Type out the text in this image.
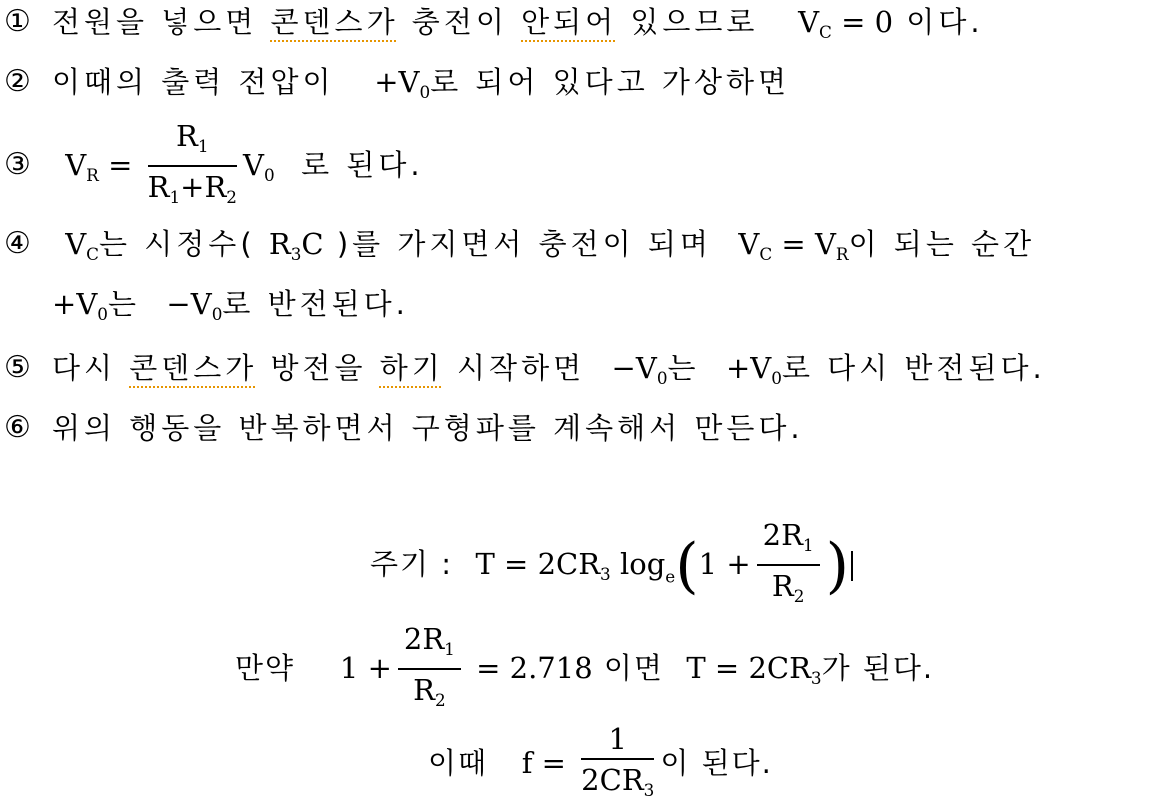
① 전원을 넣으면 콘덴스가 충전이 안되어 있으므로   $V_C = 0$ 이다.
② 이때의 출력 전압이   $+V_0$로 되어 있다고 가상하면
③	$V_R = \frac{R_1}{R_1+R_2} V_0$ 로 된다.
④	$V_C$는 시정수( $R_3C$ )를 가지면서 충전이 되며  $V_C = V_R$이 되는 순간
$+V_0$는  $-V_0$로 반전된다.
⑤ 다시 콘덴스가 방전을 하기 시작하면  $-V_0$는  $+V_0$로 다시 반전된다.
⑥ 위의 행동을 반복하면서 구형파를 계속해서 만든다.
주기 : $T = 2CR_3$ $\log_e(1 + \frac{2R_1}{R_2}$ )
만약 $1 + \frac{2R_1}{R_2} = 2.718$ 이면  $T = 2CR_3$가 된다.
이때 $f = \frac{1}{2CR_3}$ 이 된다.
